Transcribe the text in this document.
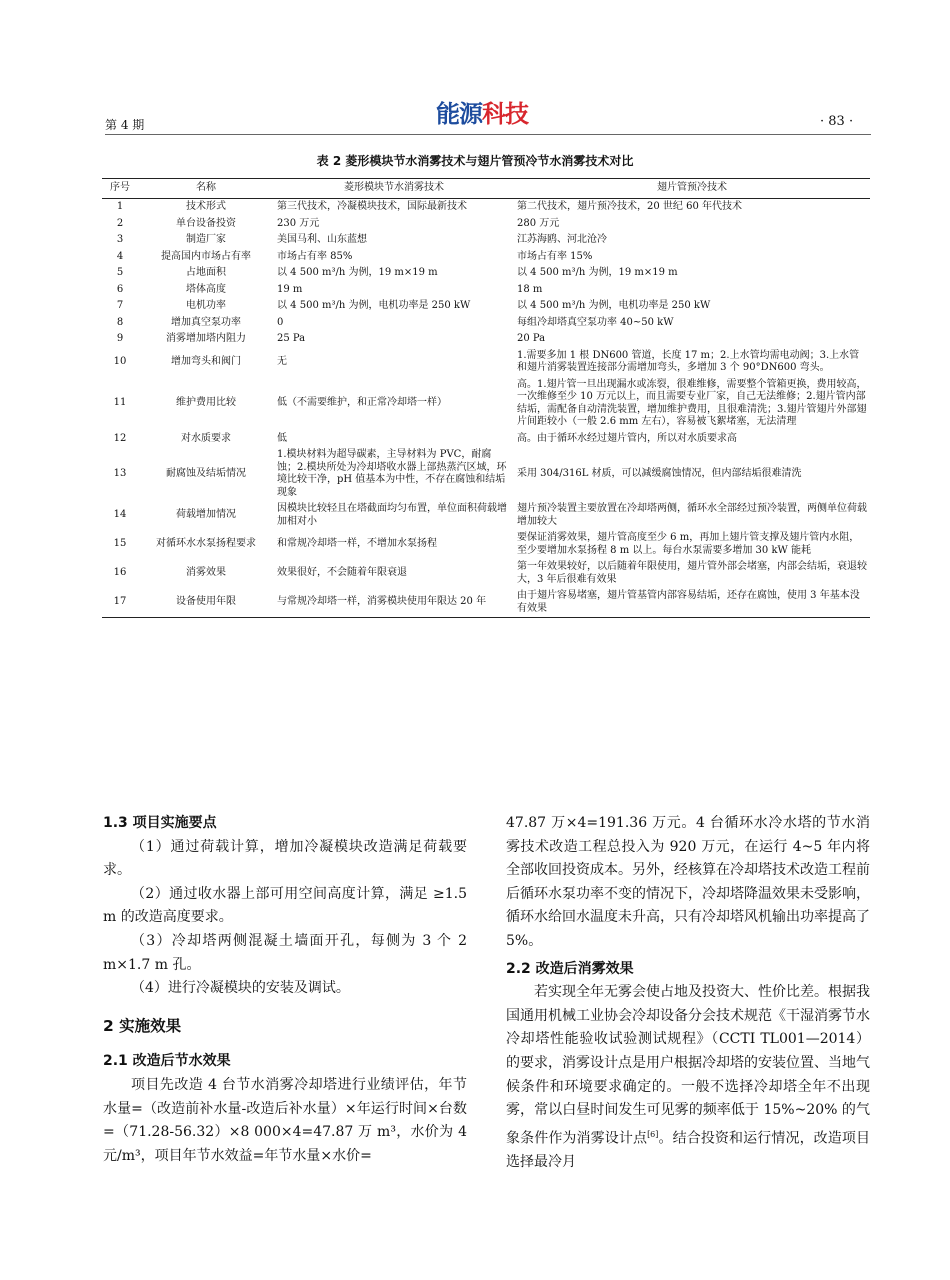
第 4 期	能源科技	· 83 ·
表 2 菱形模块节水消雾技术与翅片管预冷节水消雾技术对比
序号	名称	菱形模块节水消雾技术	翅片管预冷技术
1	技术形式	第三代技术，冷凝模块技术，国际最新技术	第二代技术，翅片预冷技术，20 世纪 60 年代技术
2	单台设备投资	230 万元	280 万元
3	制造厂家	美国马利、山东蓝想	江苏海鸥、河北沧冷
4	提高国内市场占有率	市场占有率 85%	市场占有率 15%
5	占地面积	以 4 500 m³/h 为例，19 m×19 m	以 4 500 m³/h 为例，19 m×19 m
6	塔体高度	19 m	18 m
7	电机功率	以 4 500 m³/h 为例，电机功率是 250 kW	以 4 500 m³/h 为例，电机功率是 250 kW
8	增加真空泵功率	0	每组冷却塔真空泵功率 40~50 kW
9	消雾增加塔内阻力	25 Pa	20 Pa
10	增加弯头和阀门	无	1.需要多加 1 根 DN600 管道，长度 17 m；2.上水管均需电动阀；3.上水管和翅片消雾装置连接部分需增加弯头，多增加 3 个 90°DN600 弯头。
11	维护费用比较	低（不需要维护，和正常冷却塔一样）	高。1.翅片管一旦出现漏水或冻裂，很难维修，需要整个管箱更换，费用较高，一次维修至少 10 万元以上，而且需要专业厂家，自己无法维修；2.翅片管内部结垢，需配备自动清洗装置，增加维护费用，且很难清洗；3.翅片管翅片外部翅片间距较小（一般 2.6 mm 左右），容易被飞絮堵塞，无法清理
12	对水质要求	低	高。由于循环水经过翅片管内，所以对水质要求高
13	耐腐蚀及结垢情况	1.模块材料为超导碳素，主导材料为 PVC，耐腐蚀；2.模块所处为冷却塔收水器上部热蒸汽区域，环境比较干净，pH 值基本为中性，不存在腐蚀和结垢现象	采用 304/316L 材质，可以减缓腐蚀情况，但内部结垢很难清洗
14	荷载增加情况	因模块比较轻且在塔截面均匀布置，单位面积荷载增加相对小	翅片预冷装置主要放置在冷却塔两侧，循环水全部经过预冷装置，两侧单位荷载增加较大
15	对循环水水泵扬程要求	和常规冷却塔一样，不增加水泵扬程	要保证消雾效果，翅片管高度至少 6 m，再加上翅片管支撑及翅片管内水阻，至少要增加水泵扬程 8 m 以上。每台水泵需要多增加 30 kW 能耗
16	消雾效果	效果很好，不会随着年限衰退	第一年效果较好，以后随着年限使用，翅片管外部会堵塞，内部会结垢，衰退较大，3 年后很难有效果
17	设备使用年限	与常规冷却塔一样，消雾模块使用年限达 20 年	由于翅片容易堵塞，翅片管基管内部容易结垢，还存在腐蚀，使用 3 年基本没有效果

1.3 项目实施要点

（1）通过荷载计算，增加冷凝模块改造满足荷载要求。

（2）通过收水器上部可用空间高度计算，满足 ≥1.5 m 的改造高度要求。

（3）冷却塔两侧混凝土墙面开孔，每侧为 3 个 2 m×1.7 m 孔。

（4）进行冷凝模块的安装及调试。

2 实施效果

2.1 改造后节水效果

项目先改造 4 台节水消雾冷却塔进行业绩评估，年节水量=（改造前补水量-改造后补水量）×年运行时间×台数=（71.28-56.32）×8 000×4=47.87 万 m³，水价为 4 元/m³，项目年节水效益=年节水量×水价=

47.87 万×4=191.36 万元。4 台循环水冷水塔的节水消雾技术改造工程总投入为 920 万元，在运行 4~5 年内将全部收回投资成本。另外，经核算在冷却塔技术改造工程前后循环水泵功率不变的情况下，冷却塔降温效果未受影响，循环水给回水温度未升高，只有冷却塔风机输出功率提高了 5%。

2.2 改造后消雾效果

若实现全年无雾会使占地及投资大、性价比差。根据我国通用机械工业协会冷却设备分会技术规范《干湿消雾节水冷却塔性能验收试验测试规程》（CCTI TL001—2014）的要求，消雾设计点是用户根据冷却塔的安装位置、当地气候条件和环境要求确定的。一般不选择冷却塔全年不出现雾，常以白昼时间发生可见雾的频率低于 15%~20% 的气象条件作为消雾设计点[6]。结合投资和运行情况，改造项目选择最冷月
